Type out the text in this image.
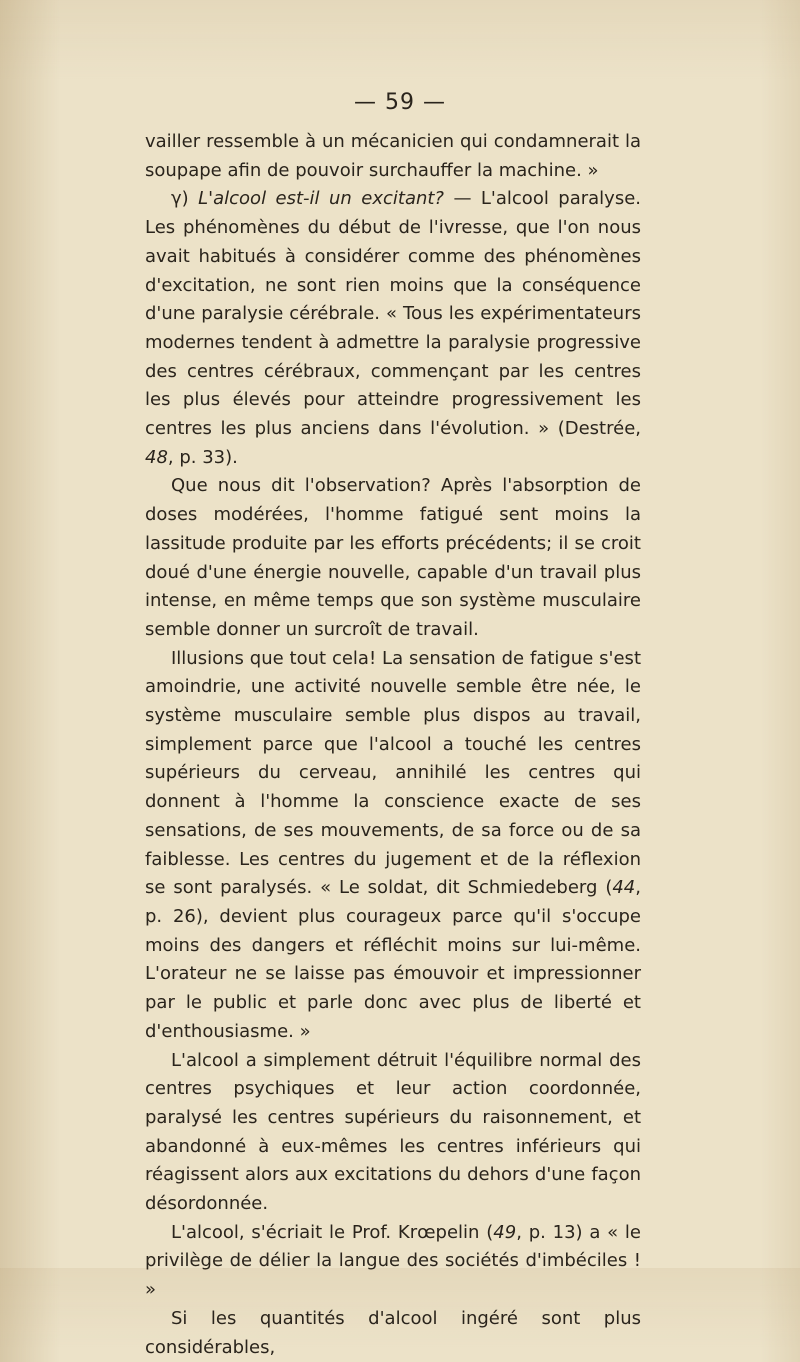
— 59 —

vailler ressemble à un mécanicien qui condamnerait la soupape afin de pouvoir surchauffer la machine. »

γ) L'alcool est-il un excitant? — L'alcool paralyse. Les phénomènes du début de l'ivresse, que l'on nous avait habitués à considérer comme des phénomènes d'excitation, ne sont rien moins que la conséquence d'une paralysie cérébrale. « Tous les expérimentateurs modernes tendent à admettre la paralysie progressive des centres cérébraux, commençant par les centres les plus élevés pour atteindre progressivement les centres les plus anciens dans l'évolution. » (Destrée, 48, p. 33).

Que nous dit l'observation? Après l'absorption de doses modérées, l'homme fatigué sent moins la lassitude produite par les efforts précédents; il se croit doué d'une énergie nouvelle, capable d'un travail plus intense, en même temps que son système musculaire semble donner un surcroît de travail.

Illusions que tout cela! La sensation de fatigue s'est amoindrie, une activité nouvelle semble être née, le système musculaire semble plus dispos au travail, simplement parce que l'alcool a touché les centres supérieurs du cerveau, annihilé les centres qui donnent à l'homme la conscience exacte de ses sensations, de ses mouvements, de sa force ou de sa faiblesse. Les centres du jugement et de la réflexion se sont paralysés. « Le soldat, dit Schmiedeberg (44, p. 26), devient plus courageux parce qu'il s'occupe moins des dangers et réfléchit moins sur lui-même. L'orateur ne se laisse pas émouvoir et impressionner par le public et parle donc avec plus de liberté et d'enthousiasme. »

L'alcool a simplement détruit l'équilibre normal des centres psychiques et leur action coordonnée, paralysé les centres supérieurs du raisonnement, et abandonné à eux-mêmes les centres inférieurs qui réagissent alors aux excitations du dehors d'une façon désordonnée.

L'alcool, s'écriait le Prof. Krœpelin (49, p. 13) a « le privilège de délier la langue des sociétés d'imbéciles ! »

Si les quantités d'alcool ingéré sont plus considérables,
